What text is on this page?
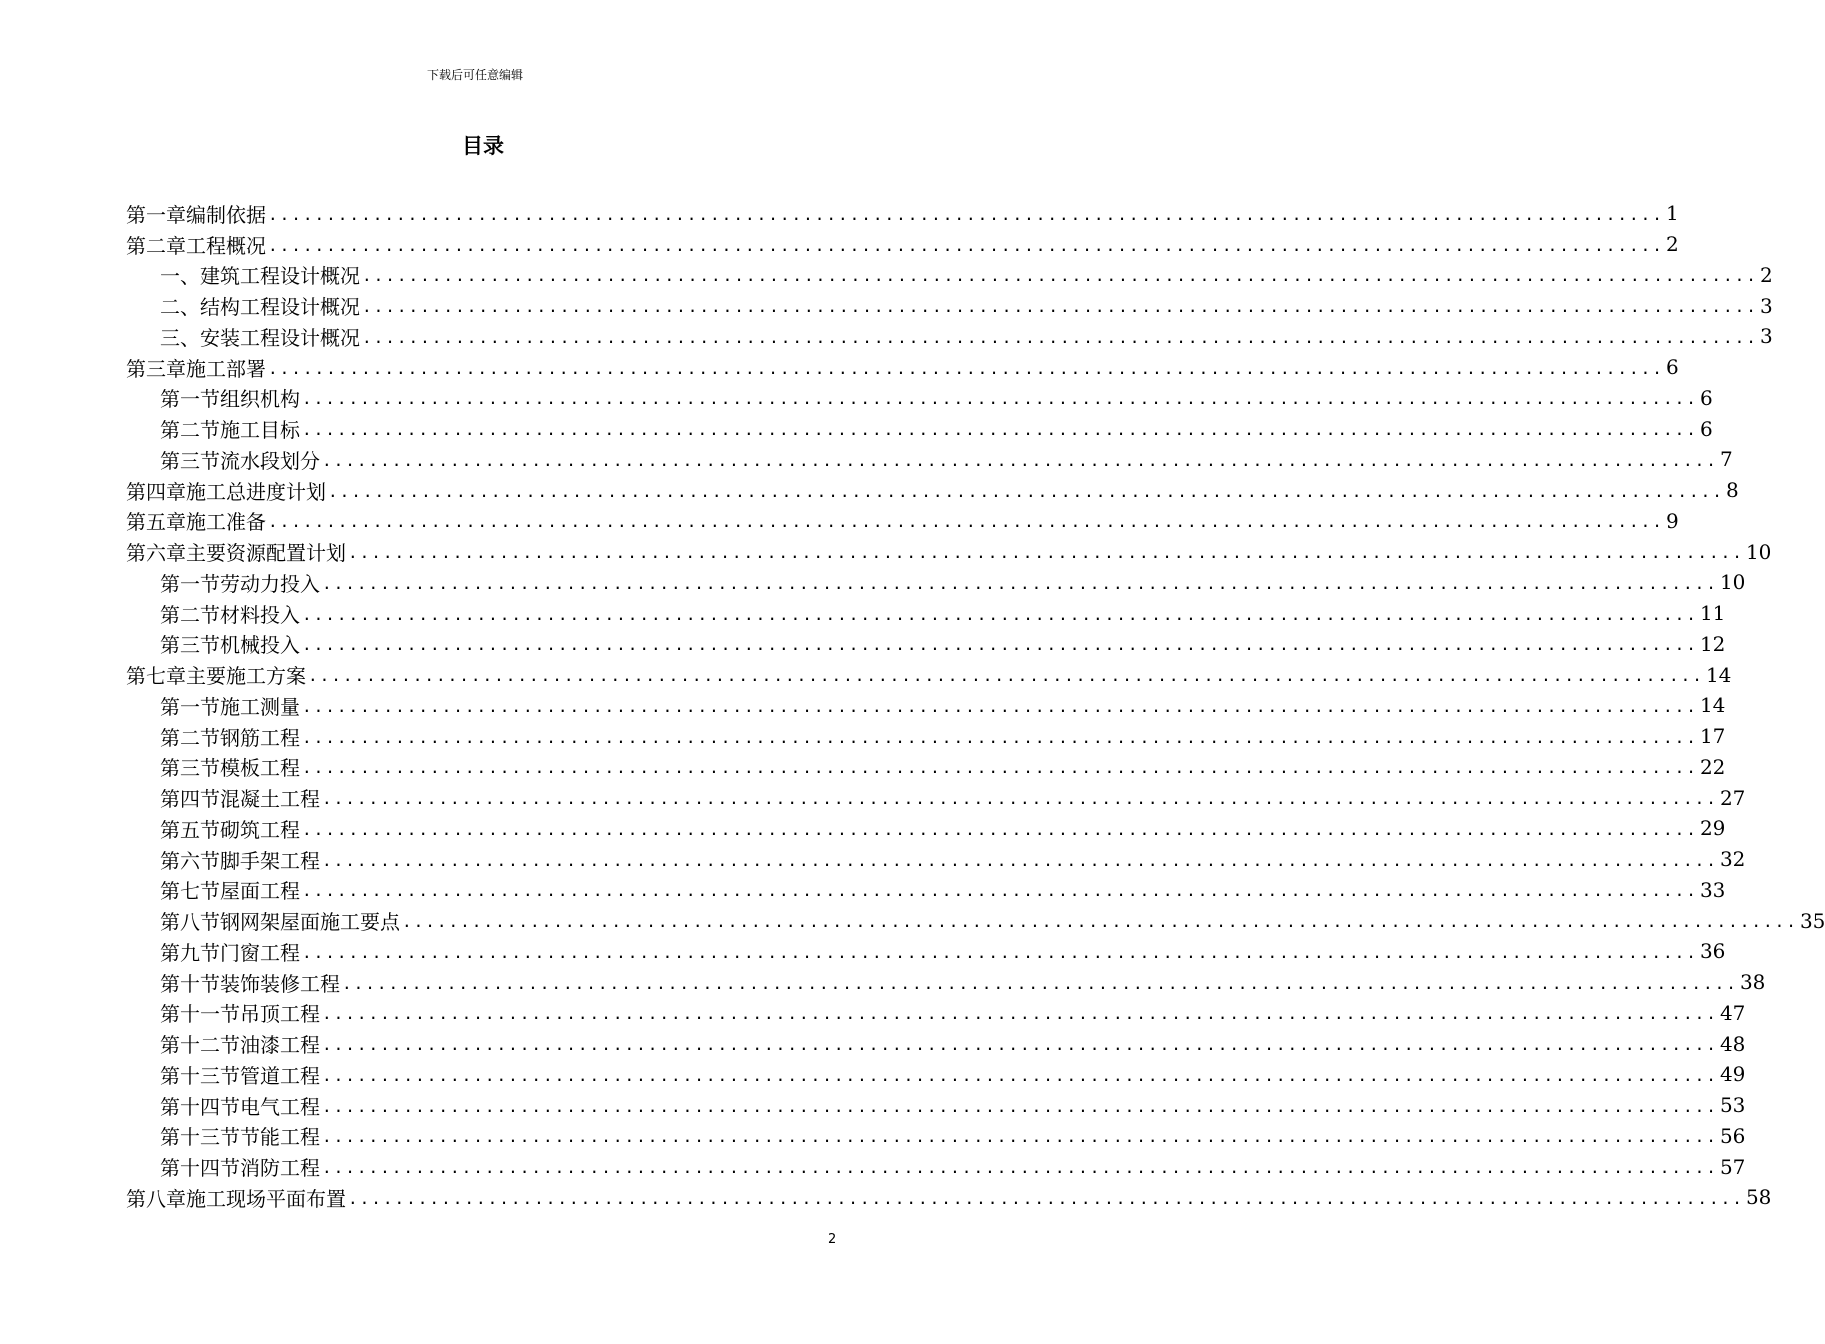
下载后可任意编辑
目录
第一章 编制依据 ........................................................................................................................ 1
第二章 工程概况 ........................................................................................................................ 2
一、 建筑工程设计概况 ........................................................................................................................ 2
二、 结构工程设计概况 ........................................................................................................................ 3
三、 安装工程设计概况 ........................................................................................................................ 3
第三章 施工部署 ........................................................................................................................ 6
第一节 组织机构 ........................................................................................................................ 6
第二节 施工目标 ........................................................................................................................ 6
第三节 流水段划分 ........................................................................................................................ 7
第四章 施工总进度计划 ........................................................................................................................ 8
第五章 施工准备 ........................................................................................................................ 9
第六章 主要资源配置计划 ........................................................................................................................ 10
第一节 劳动力投入 ........................................................................................................................ 10
第二节 材料投入 ........................................................................................................................ 11
第三节 机械投入 ........................................................................................................................ 12
第七章 主要施工方案 ........................................................................................................................ 14
第一节 施工测量 ........................................................................................................................ 14
第二节 钢筋工程 ........................................................................................................................ 17
第三节 模板工程 ........................................................................................................................ 22
第四节 混凝土工程 ........................................................................................................................ 27
第五节 砌筑工程 ........................................................................................................................ 29
第六节 脚手架工程 ........................................................................................................................ 32
第七节 屋面工程 ........................................................................................................................ 33
第八节 钢网架屋面施工要点 ........................................................................................................................ 35
第九节 门窗工程 ........................................................................................................................ 36
第十节 装饰装修工程 ........................................................................................................................ 38
第十一节 吊顶工程 ........................................................................................................................ 47
第十二节 油漆工程 ........................................................................................................................ 48
第十三节 管道工程 ........................................................................................................................ 49
第十四节 电气工程 ........................................................................................................................ 53
第十三节 节能工程 ........................................................................................................................ 56
第十四节 消防工程 ........................................................................................................................ 57
第八章 施工现场平面布置 ........................................................................................................................ 58
2
